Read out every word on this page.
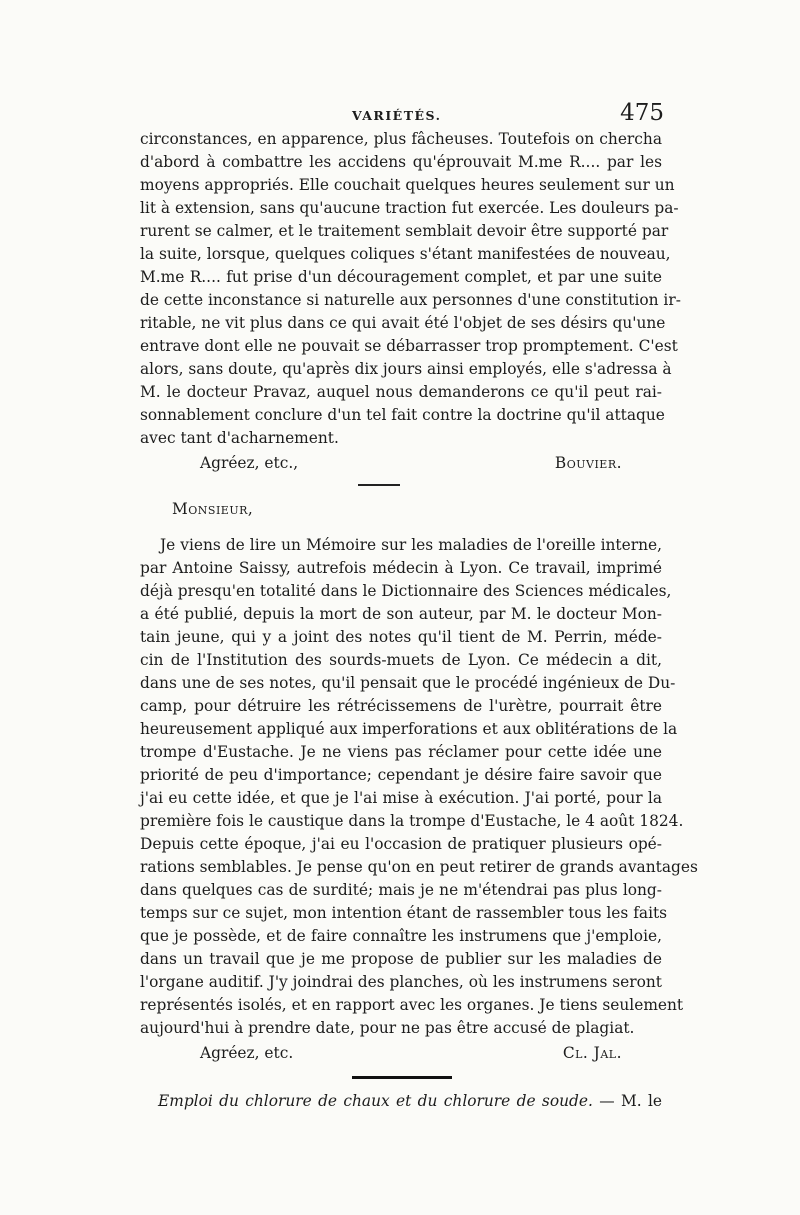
VARIÉTÉS.	475
circonstances, en apparence, plus fâcheuses. Toutefois on chercha
d'abord à combattre les accidens qu'éprouvait M.me R.... par les
moyens appropriés. Elle couchait quelques heures seulement sur un
lit à extension, sans qu'aucune traction fut exercée. Les douleurs pa-
rurent se calmer, et le traitement semblait devoir être supporté par
la suite, lorsque, quelques coliques s'étant manifestées de nouveau,
M.me R.... fut prise d'un découragement complet, et par une suite
de cette inconstance si naturelle aux personnes d'une constitution ir-
ritable, ne vit plus dans ce qui avait été l'objet de ses désirs qu'une
entrave dont elle ne pouvait se débarrasser trop promptement. C'est
alors, sans doute, qu'après dix jours ainsi employés, elle s'adressa à
M. le docteur Pravaz, auquel nous demanderons ce qu'il peut rai-
sonnablement conclure d'un tel fait contre la doctrine qu'il attaque
avec tant d'acharnement.
Agréez, etc.,	Bouvier.
Monsieur,
Je viens de lire un Mémoire sur les maladies de l'oreille interne,
par Antoine Saissy, autrefois médecin à Lyon. Ce travail, imprimé
déjà presqu'en totalité dans le Dictionnaire des Sciences médicales,
a été publié, depuis la mort de son auteur, par M. le docteur Mon-
tain jeune, qui y a joint des notes qu'il tient de M. Perrin, méde-
cin de l'Institution des sourds-muets de Lyon. Ce médecin a dit,
dans une de ses notes, qu'il pensait que le procédé ingénieux de Du-
camp, pour détruire les rétrécissemens de l'urètre, pourrait être
heureusement appliqué aux imperforations et aux oblitérations de la
trompe d'Eustache. Je ne viens pas réclamer pour cette idée une
priorité de peu d'importance; cependant je désire faire savoir que
j'ai eu cette idée, et que je l'ai mise à exécution. J'ai porté, pour la
première fois le caustique dans la trompe d'Eustache, le 4 août 1824.
Depuis cette époque, j'ai eu l'occasion de pratiquer plusieurs opé-
rations semblables. Je pense qu'on en peut retirer de grands avantages
dans quelques cas de surdité; mais je ne m'étendrai pas plus long-
temps sur ce sujet, mon intention étant de rassembler tous les faits
que je possède, et de faire connaître les instrumens que j'emploie,
dans un travail que je me propose de publier sur les maladies de
l'organe auditif. J'y joindrai des planches, où les instrumens seront
représentés isolés, et en rapport avec les organes. Je tiens seulement
aujourd'hui à prendre date, pour ne pas être accusé de plagiat.
Agréez, etc.	Cl. Jal.
Emploi du chlorure de chaux et du chlorure de soude. — M. le
